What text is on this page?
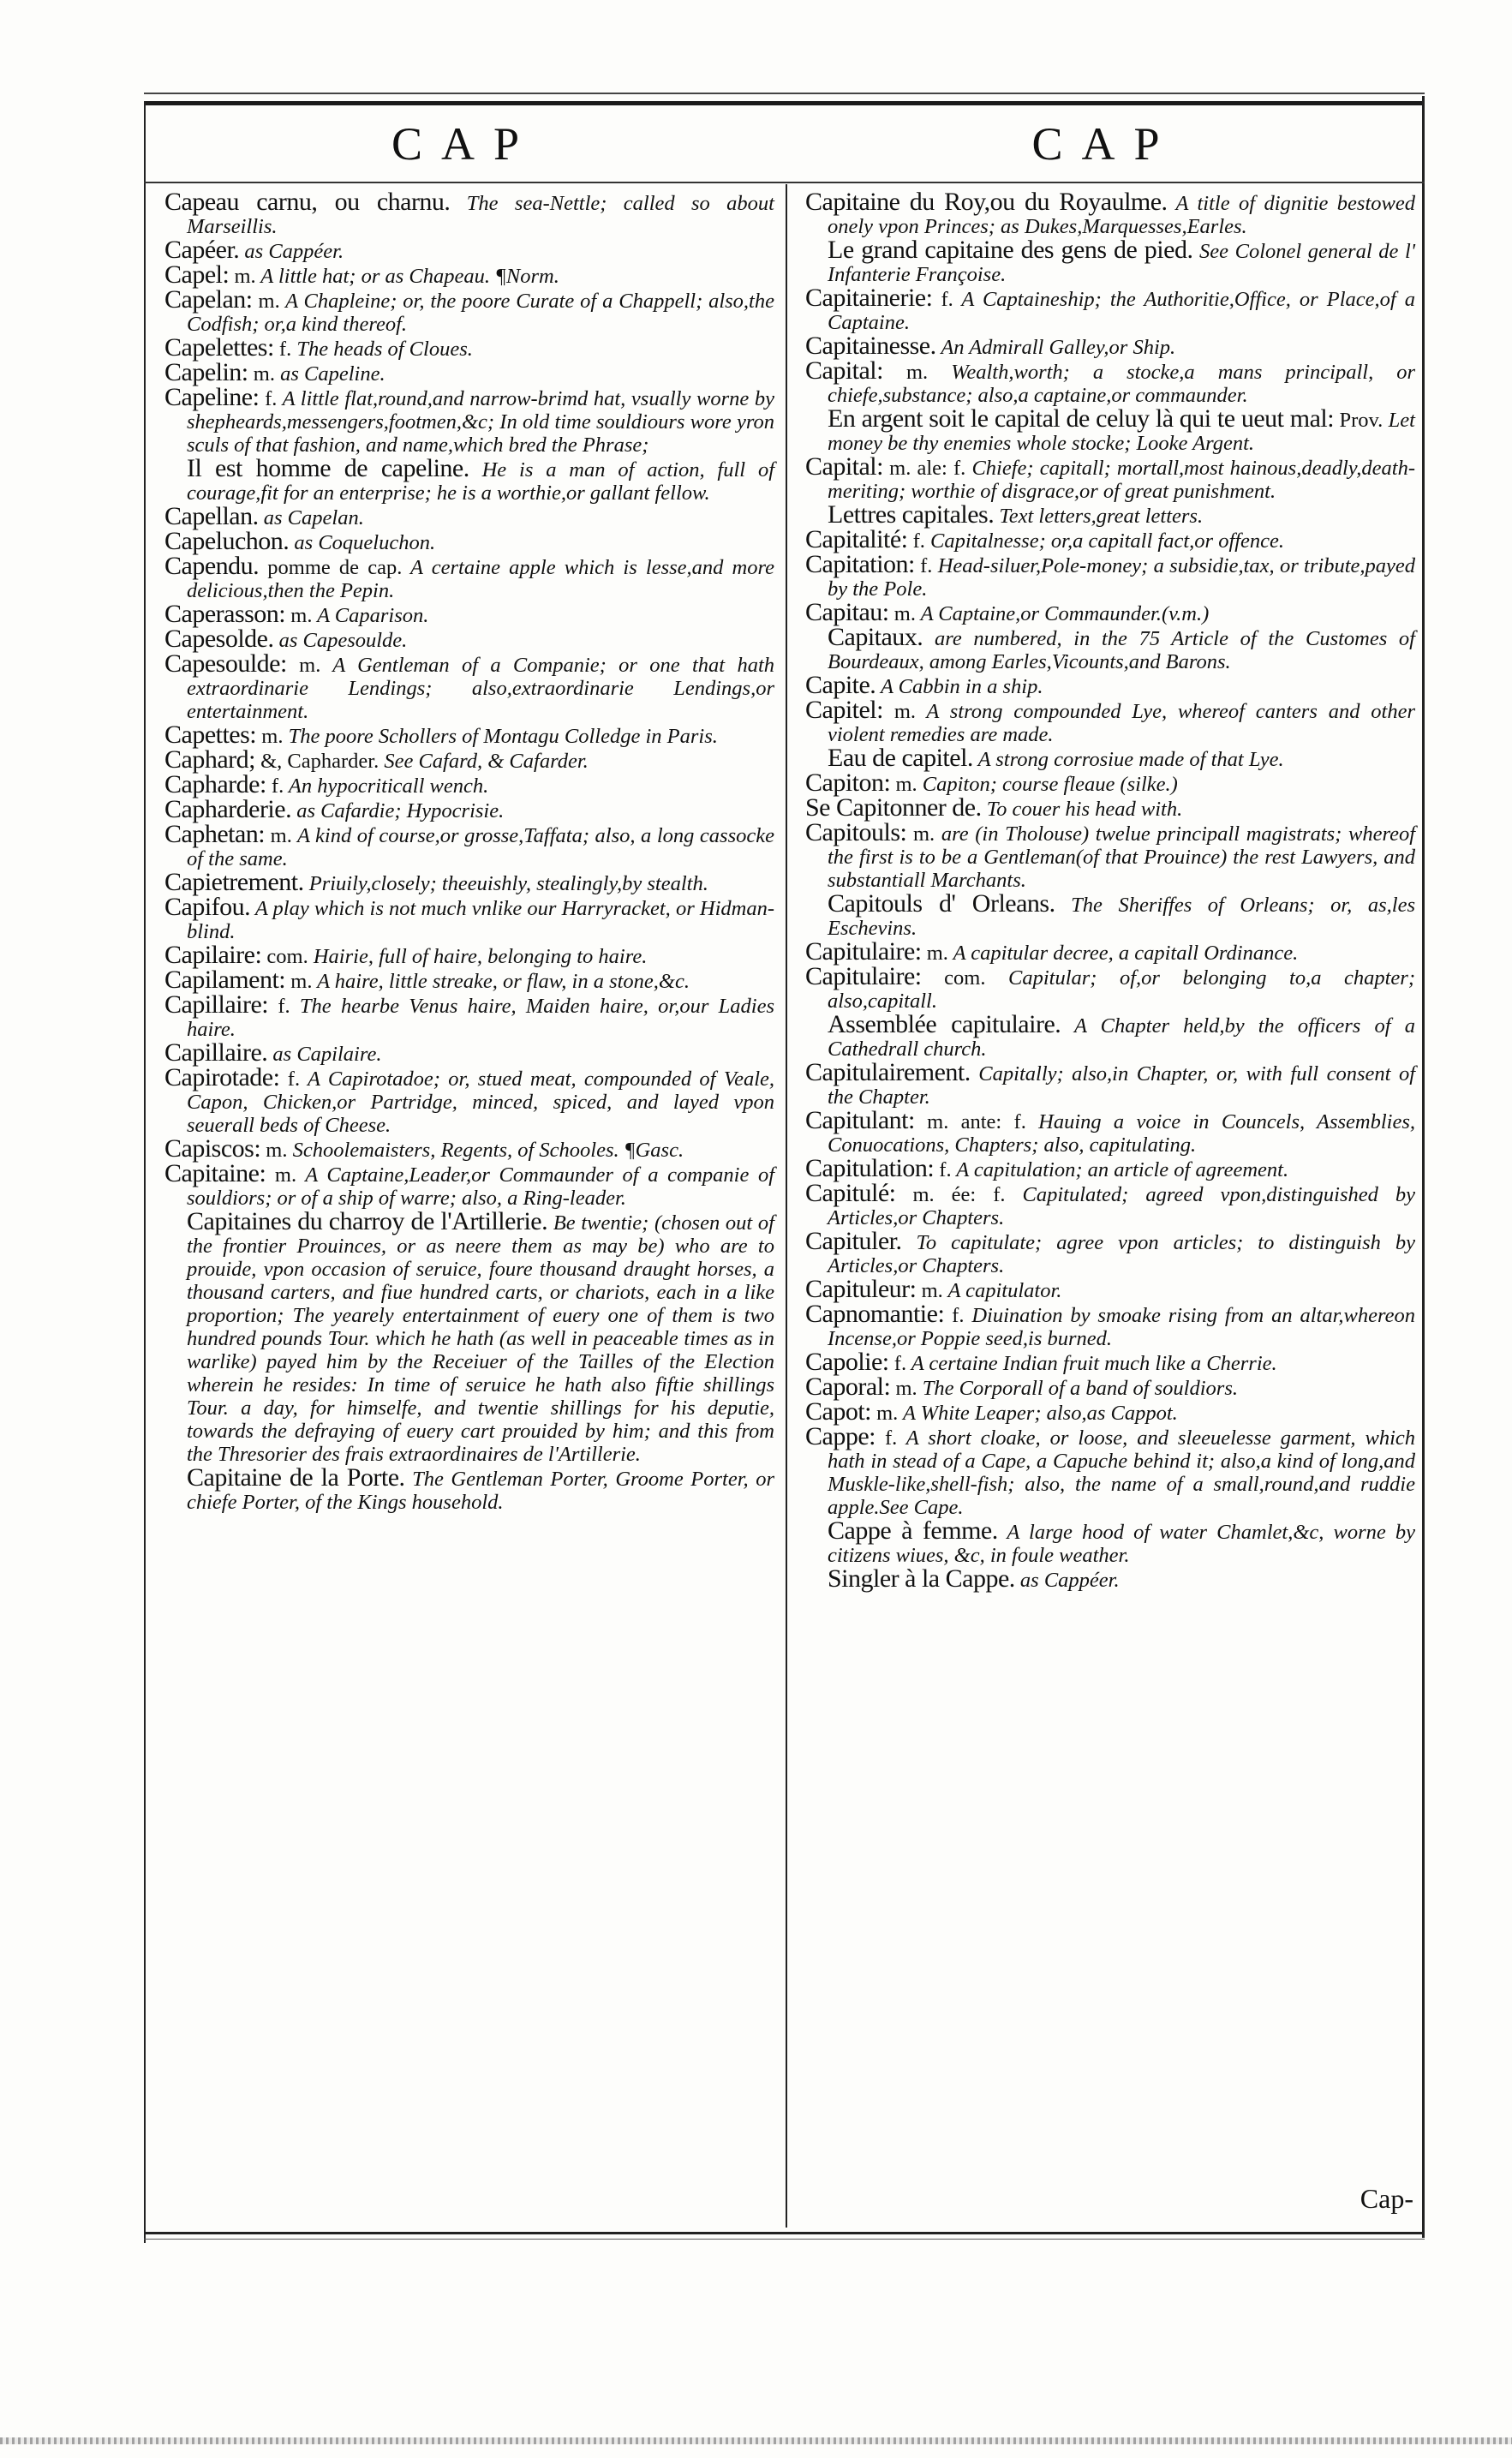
CAP	CAP
Capeau carnu, ou charnu. The sea-Nettle; called so about Marseillis.
Capéer. as Cappéer.
Capel: m. A little hat; or as Chapeau. ¶Norm.
Capelan: m. A Chapleine; or, the poore Curate of a Chappell; also,the Codfish; or,a kind thereof.
Capelettes: f. The heads of Cloues.
Capelin: m. as Capeline.
Capeline: f. A little flat,round,and narrow-brimd hat, vsually worne by shepheards,messengers,footmen,&c; In old time souldiours wore yron sculs of that fashion, and name,which bred the Phrase;
Il est homme de capeline. He is a man of action, full of courage,fit for an enterprise; he is a worthie,or gallant fellow.
Capellan. as Capelan.
Capeluchon. as Coqueluchon.
Capendu. pomme de cap. A certaine apple which is lesse,and more delicious,then the Pepin.
Caperasson: m. A Caparison.
Capesolde. as Capesoulde.
Capesoulde: m. A Gentleman of a Companie; or one that hath extraordinarie Lendings; also,extraordinarie Lendings,or entertainment.
Capettes: m. The poore Schollers of Montagu Colledge in Paris.
Caphard; &, Capharder. See Cafard, & Cafarder.
Capharde: f. An hypocriticall wench.
Capharderie. as Cafardie; Hypocrisie.
Caphetan: m. A kind of course,or grosse,Taffata; also, a long cassocke of the same.
Capietrement. Priuily,closely; theeuishly, stealingly,by stealth.
Capifou. A play which is not much vnlike our Harryracket, or Hidman-blind.
Capilaire: com. Hairie, full of haire, belonging to haire.
Capilament: m. A haire, little streake, or flaw, in a stone,&c.
Capillaire: f. The hearbe Venus haire, Maiden haire, or,our Ladies haire.
Capillaire. as Capilaire.
Capirotade: f. A Capirotadoe; or, stued meat, compounded of Veale, Capon, Chicken,or Partridge, minced, spiced, and layed vpon seuerall beds of Cheese.
Capiscos: m. Schoolemaisters, Regents, of Schooles. ¶Gasc.
Capitaine: m. A Captaine,Leader,or Commaunder of a companie of souldiors; or of a ship of warre; also, a Ring-leader.
Capitaines du charroy de l'Artillerie. Be twentie; (chosen out of the frontier Prouinces, or as neere them as may be) who are to prouide, vpon occasion of seruice, foure thousand draught horses, a thousand carters, and fiue hundred carts, or chariots, each in a like proportion; The yearely entertainment of euery one of them is two hundred pounds Tour. which he hath (as well in peaceable times as in warlike) payed him by the Receiuer of the Tailles of the Election wherein he resides: In time of seruice he hath also fiftie shillings Tour. a day, for himselfe, and twentie shillings for his deputie, towards the defraying of euery cart prouided by him; and this from the Thresorier des frais extraordinaires de l'Artillerie.
Capitaine de la Porte. The Gentleman Porter, Groome Porter, or chiefe Porter, of the Kings household.
Capitaine du Roy,ou du Royaulme. A title of dignitie bestowed onely vpon Princes; as Dukes,Marquesses,Earles.
Le grand capitaine des gens de pied. See Colonel general de l' Infanterie Françoise.
Capitainerie: f. A Captaineship; the Authoritie,Office, or Place,of a Captaine.
Capitainesse. An Admirall Galley,or Ship.
Capital: m. Wealth,worth; a stocke,a mans principall, or chiefe,substance; also,a captaine,or commaunder.
En argent soit le capital de celuy là qui te ueut mal: Prov. Let money be thy enemies whole stocke; Looke Argent.
Capital: m. ale: f. Chiefe; capitall; mortall,most hainous,deadly,death-meriting; worthie of disgrace,or of great punishment.
Lettres capitales. Text letters,great letters.
Capitalité: f. Capitalnesse; or,a capitall fact,or offence.
Capitation: f. Head-siluer,Pole-money; a subsidie,tax, or tribute,payed by the Pole.
Capitau: m. A Captaine,or Commaunder.(v.m.)
Capitaux. are numbered, in the 75 Article of the Customes of Bourdeaux, among Earles,Vicounts,and Barons.
Capite. A Cabbin in a ship.
Capitel: m. A strong compounded Lye, whereof canters and other violent remedies are made.
Eau de capitel. A strong corrosiue made of that Lye.
Capiton: m. Capiton; course fleaue (silke.)
Se Capitonner de. To couer his head with.
Capitouls: m. are (in Tholouse) twelue principall magistrats; whereof the first is to be a Gentleman(of that Prouince) the rest Lawyers, and substantiall Marchants.
Capitouls d' Orleans. The Sheriffes of Orleans; or, as,les Eschevins.
Capitulaire: m. A capitular decree, a capitall Ordinance.
Capitulaire: com. Capitular; of,or belonging to,a chapter; also,capitall.
Assemblée capitulaire. A Chapter held,by the officers of a Cathedrall church.
Capitulairement. Capitally; also,in Chapter, or, with full consent of the Chapter.
Capitulant: m. ante: f. Hauing a voice in Councels, Assemblies, Conuocations, Chapters; also, capitulating.
Capitulation: f. A capitulation; an article of agreement.
Capitulé: m. ée: f. Capitulated; agreed vpon,distinguished by Articles,or Chapters.
Capituler. To capitulate; agree vpon articles; to distinguish by Articles,or Chapters.
Capituleur: m. A capitulator.
Capnomantie: f. Diuination by smoake rising from an altar,whereon Incense,or Poppie seed,is burned.
Capolie: f. A certaine Indian fruit much like a Cherrie.
Caporal: m. The Corporall of a band of souldiors.
Capot: m. A White Leaper; also,as Cappot.
Cappe: f. A short cloake, or loose, and sleeuelesse garment, which hath in stead of a Cape, a Capuche behind it; also,a kind of long,and Muskle-like,shell-fish; also, the name of a small,round,and ruddie apple.See Cape.
Cappe à femme. A large hood of water Chamlet,&c, worne by citizens wiues, &c, in foule weather.
Singler à la Cappe. as Cappéer.
Cap-
